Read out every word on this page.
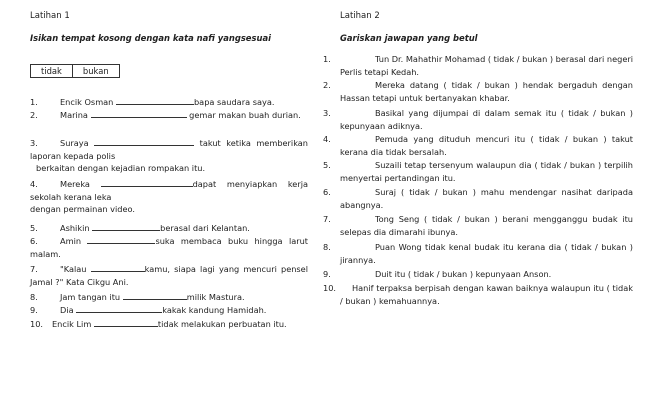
Latihan 1
Isikan tempat kosong dengan kata nafi yangsesuai
tidak	bukan
1.	Encik Osman	bapa saudara saya.
2.	Marina	gemar makan buah durian.
3.	Suraya	takut ketika memberikan laporan kepada polis
berkaitan dengan kejadian rompakan itu.
4.	Mereka	dapat menyiapkan kerja sekolah kerana leka
dengan permainan video.
5.	Ashikin	berasal dari Kelantan.
6.	Amin	suka membaca buku hingga larut malam.
7.	"Kalau	kamu, siapa lagi yang mencuri pensel Jamal ?" Kata Cikgu Ani.
8.	Jam tangan itu	milik Mastura.
9.	Dia	kakak kandung Hamidah.
10.	Encik Lim	tidak melakukan perbuatan itu.
Latihan 2
Gariskan jawapan yang betul
1.	Tun Dr. Mahathir Mohamad ( tidak / bukan ) berasal dari negeri Perlis tetapi Kedah.
2.	Mereka datang ( tidak / bukan ) hendak bergaduh dengan Hassan tetapi untuk bertanyakan khabar.
3.	Basikal yang dijumpai di dalam semak itu ( tidak / bukan ) kepunyaan adiknya.
4.	Pemuda yang dituduh mencuri itu ( tidak / bukan ) takut kerana dia tidak bersalah.
5.	Suzaili tetap tersenyum walaupun dia ( tidak / bukan ) terpilih menyertai pertandingan itu.
6.	Suraj ( tidak / bukan ) mahu mendengar nasihat daripada abangnya.
7.	Tong Seng ( tidak / bukan ) berani mengganggu budak itu selepas dia dimarahi ibunya.
8.	Puan Wong tidak kenal budak itu kerana dia ( tidak / bukan ) jirannya.
9.	Duit itu ( tidak / bukan ) kepunyaan Anson.
10.	Hanif terpaksa berpisah dengan kawan baiknya walaupun itu ( tidak / bukan ) kemahuannya.
